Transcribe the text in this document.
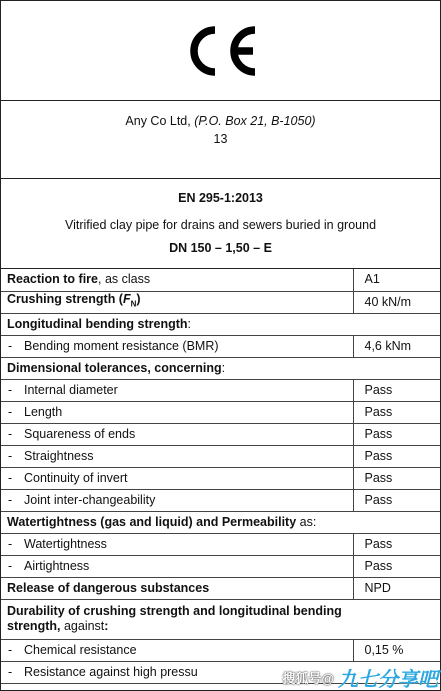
Any Co Ltd, (P.O. Box 21, B-1050)
13
EN 295-1:2013
Vitrified clay pipe for drains and sewers buried in ground
DN 150 – 1,50 – E
Reaction to fire, as class	A1
Crushing strength $(F_N)$	40 kN/m
Longitudinal bending strength:	
- Bending moment resistance (BMR)	4,6 kNm
Dimensional tolerances, concerning:	
- Internal diameter	Pass
- Length	Pass
- Squareness of ends	Pass
- Straightness	Pass
- Continuity of invert	Pass
- Joint inter-changeability	Pass
Watertightness (gas and liquid) and Permeability as:	
- Watertightness	Pass
- Airtightness	Pass
Release of dangerous substances	NPD
Durability of crushing strength and longitudinal bending
strength, against:	
- Chemical resistance	0,15 %
- Resistance against high pressu		搜狐号@ 九七分享吧
